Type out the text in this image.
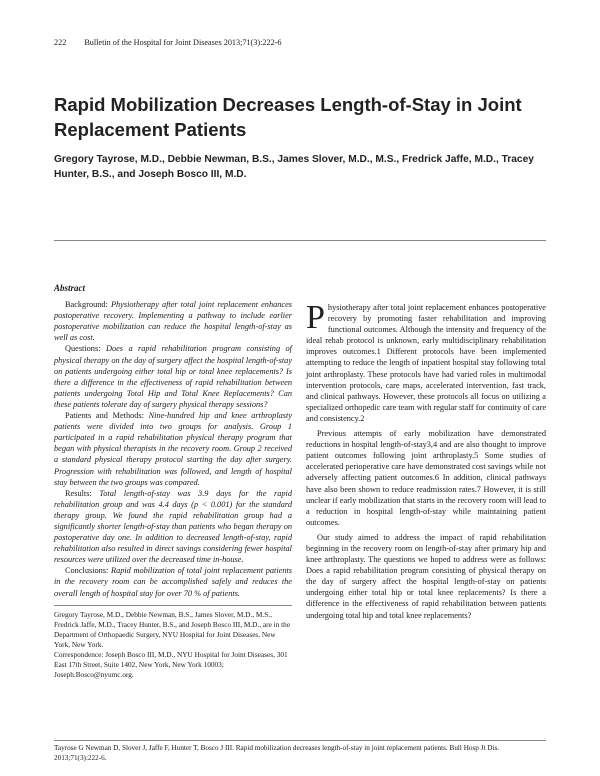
222 Bulletin of the Hospital for Joint Diseases 2013;71(3):222-6
Rapid Mobilization Decreases Length-of-Stay in Joint Replacement Patients
Gregory Tayrose, M.D., Debbie Newman, B.S., James Slover, M.D., M.S., Fredrick Jaffe, M.D., Tracey Hunter, B.S., and Joseph Bosco III, M.D.
Abstract

Background: Physiotherapy after total joint replacement enhances postoperative recovery. Implementing a pathway to include earlier postoperative mobilization can reduce the hospital length-of-stay as well as cost.

Questions: Does a rapid rehabilitation program consisting of physical therapy on the day of surgery affect the hospital length-of-stay on patients undergoing either total hip or total knee replacements? Is there a difference in the effectiveness of rapid rehabilitation between patients undergoing Total Hip and Total Knee Replacements? Can these patients tolerate day of surgery physical therapy sessions?

Patients and Methods: Nine-hundred hip and knee arthroplasty patients were divided into two groups for analysis. Group 1 participated in a rapid rehabilitation physical therapy program that began with physical therapists in the recovery room. Group 2 received a standard physical therapy protocol starting the day after surgery. Progression with rehabilitation was followed, and length of hospital stay between the two groups was compared.

Results: Total length-of-stay was 3.9 days for the rapid rehabilitation group and was 4.4 days (p < 0.001) for the standard therapy group. We found the rapid rehabilitation group had a significantly shorter length-of-stay than patients who began therapy on postoperative day one. In addition to decreased length-of-stay, rapid rehabilitation also resulted in direct savings considering fewer hospital resources were utilized over the decreased time in-house.

Conclusions: Rapid mobilization of total joint replacement patients in the recovery room can be accomplished safely and reduces the overall length of hospital stay for over 70 % of patients.

Gregory Tayrose, M.D., Debbie Newman, B.S., James Slover, M.D., M.S., Fredrick Jaffe, M.D., Tracey Hunter, B.S., and Joseph Bosco III, M.D., are in the Department of Orthopaedic Surgery, NYU Hospital for Joint Diseases, New York, New York.

Correspondence: Joseph Bosco III, M.D., NYU Hospital for Joint Diseases, 301 East 17th Street, Suite 1402, New York, New York 10003; Joseph.Bosco@nyumc.org.

Physiotherapy after total joint replacement enhances postoperative recovery by promoting faster rehabilitation and improving functional outcomes. Although the intensity and frequency of the ideal rehab protocol is unknown, early multidisciplinary rehabilitation improves outcomes.1 Different protocols have been implemented attempting to reduce the length of inpatient hospital stay following total joint arthroplasty. These protocols have had varied roles in multimodal intervention protocols, care maps, accelerated intervention, fast track, and clinical pathways. However, these protocols all focus on utilizing a specialized orthopedic care team with regular staff for continuity of care and consistency.2

Previous attempts of early mobilization have demonstrated reductions in hospital length-of-stay3,4 and are also thought to improve patient outcomes following joint arthroplasty.5 Some studies of accelerated perioperative care have demonstrated cost savings while not adversely affecting patient outcomes.6 In addition, clinical pathways have also been shown to reduce readmission rates.7 However, it is still unclear if early mobilization that starts in the recovery room will lead to a reduction in hospital length-of-stay while maintaining patient outcomes.

Our study aimed to address the impact of rapid rehabilitation beginning in the recovery room on length-of-stay after primary hip and knee arthroplasty. The questions we hoped to address were as follows: Does a rapid rehabilitation program consisting of physical therapy on the day of surgery affect the hospital length-of-stay on patients undergoing either total hip or total knee replacements? Is there a difference in the effectiveness of rapid rehabilitation between patients undergoing total hip and total knee replacements?

Tayrose G Newman D, Slover J, Jaffe F, Hunter T, Bosco J III. Rapid mobilization decreases length-of-stay in joint replacement patients. Bull Hosp Jt Dis. 2013;71(3):222-6.
